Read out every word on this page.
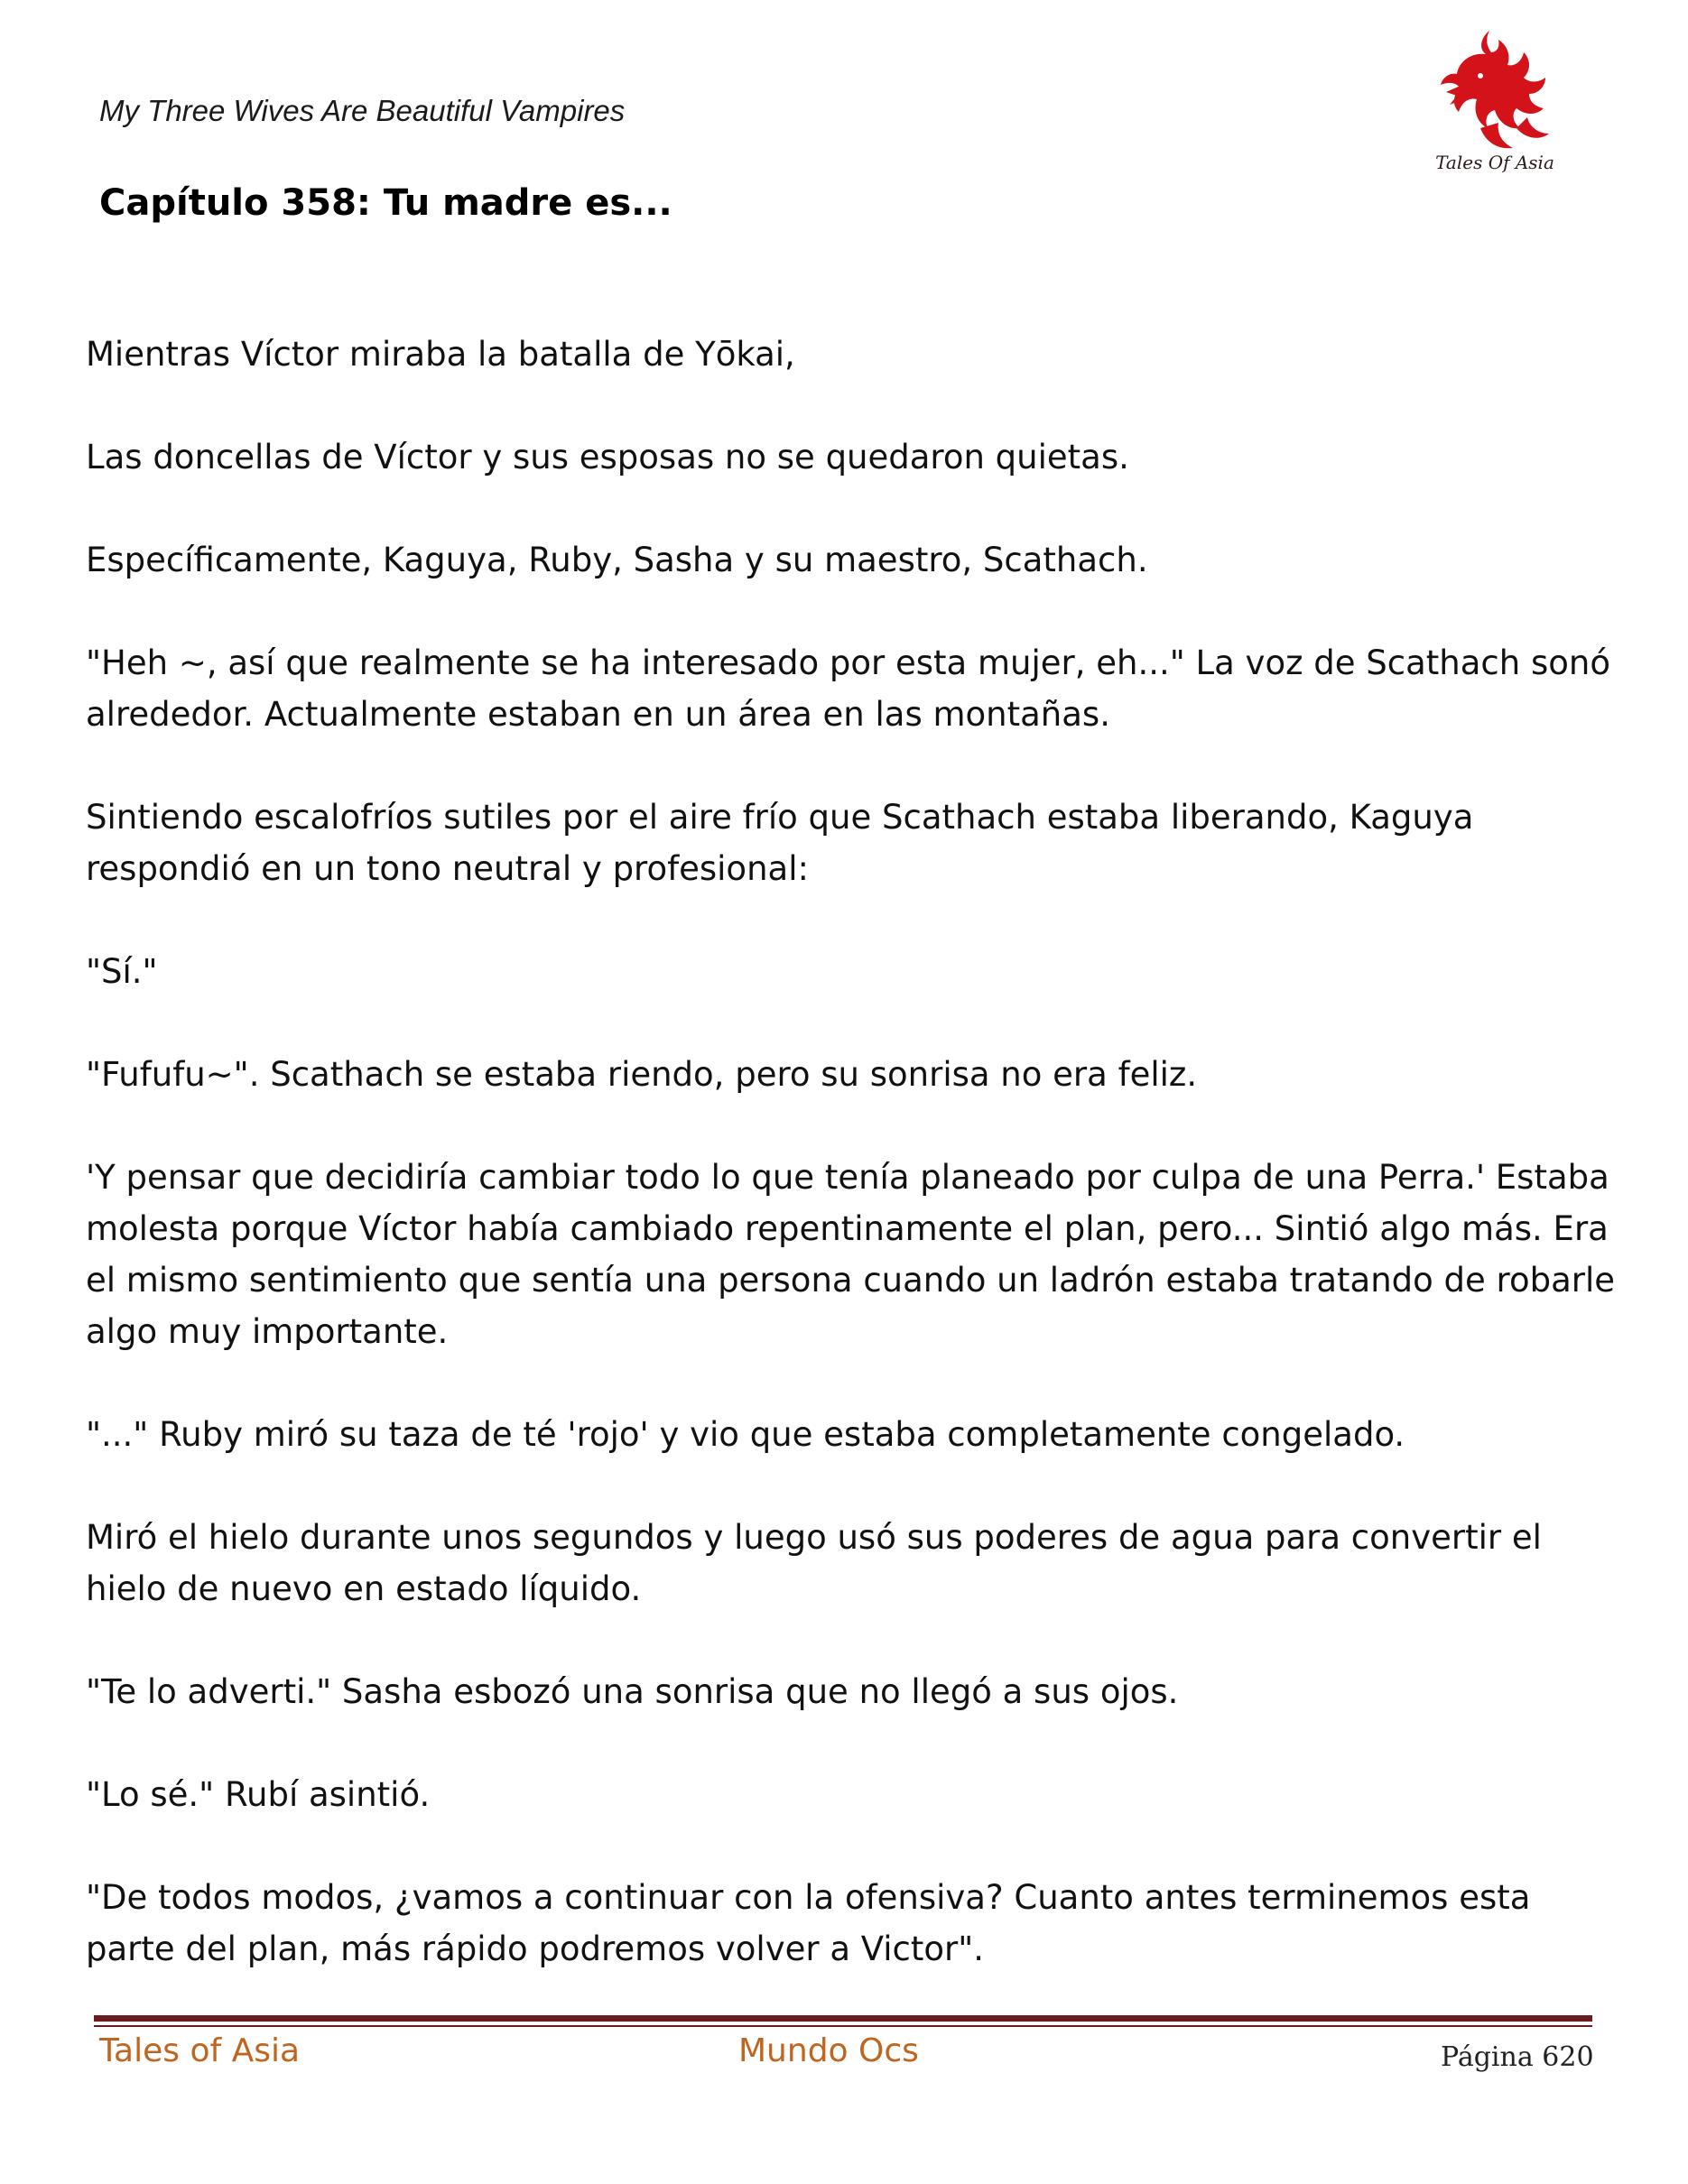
My Three Wives Are Beautiful Vampires
Capítulo 358: Tu madre es...
Tales Of Asia

Mientras Víctor miraba la batalla de Yōkai,

Las doncellas de Víctor y sus esposas no se quedaron quietas.

Específicamente, Kaguya, Ruby, Sasha y su maestro, Scathach.

"Heh ~, así que realmente se ha interesado por esta mujer, eh..." La voz de Scathach sonó alrededor. Actualmente estaban en un área en las montañas.

Sintiendo escalofríos sutiles por el aire frío que Scathach estaba liberando, Kaguya respondió en un tono neutral y profesional:

"Sí."

"Fufufu~". Scathach se estaba riendo, pero su sonrisa no era feliz.

'Y pensar que decidiría cambiar todo lo que tenía planeado por culpa de una Perra.' Estaba molesta porque Víctor había cambiado repentinamente el plan, pero... Sintió algo más. Era el mismo sentimiento que sentía una persona cuando un ladrón estaba tratando de robarle algo muy importante.

"..." Ruby miró su taza de té 'rojo' y vio que estaba completamente congelado.

Miró el hielo durante unos segundos y luego usó sus poderes de agua para convertir el hielo de nuevo en estado líquido.

"Te lo adverti." Sasha esbozó una sonrisa que no llegó a sus ojos.

"Lo sé." Rubí asintió.

"De todos modos, ¿vamos a continuar con la ofensiva? Cuanto antes terminemos esta parte del plan, más rápido podremos volver a Victor".

Tales of Asia	Mundo Ocs	Página 620
